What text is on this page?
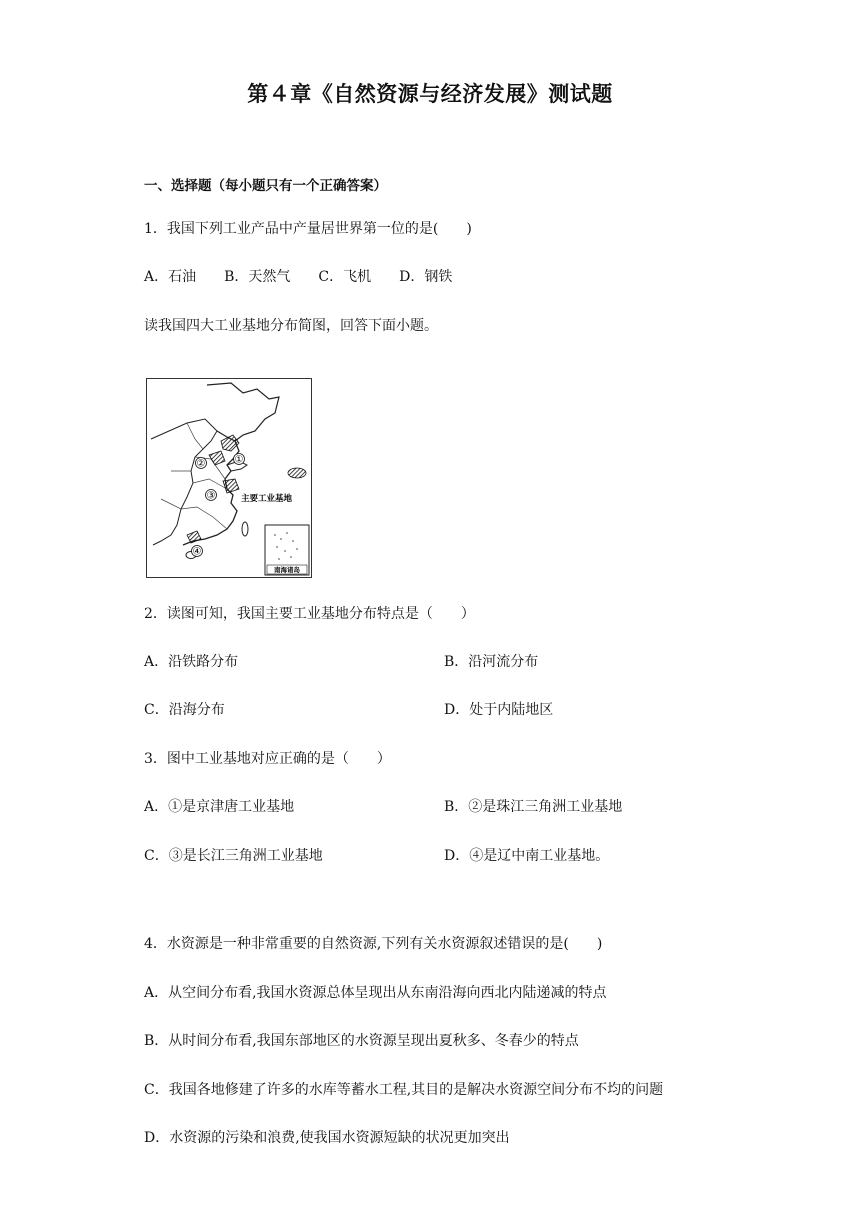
第４章《自然资源与经济发展》测试题
一、选择题（每小题只有一个正确答案）
1．我国下列工业产品中产量居世界第一位的是(　　)
A．石油 B．天然气 C．飞机 D．钢铁
读我国四大工业基地分布简图，回答下面小题。
①
②
③
④
主要工业基地
南海诸岛
2．读图可知，我国主要工业基地分布特点是（　　）
A．沿铁路分布	B．沿河流分布
C．沿海分布	D．处于内陆地区
3．图中工业基地对应正确的是（　　）
A．①是京津唐工业基地	B．②是珠江三角洲工业基地
C．③是长江三角洲工业基地	D．④是辽中南工业基地。
4．水资源是一种非常重要的自然资源,下列有关水资源叙述错误的是(　　)
A．从空间分布看,我国水资源总体呈现出从东南沿海向西北内陆递减的特点
B．从时间分布看,我国东部地区的水资源呈现出夏秋多、冬春少的特点
C．我国各地修建了许多的水库等蓄水工程,其目的是解决水资源空间分布不均的问题
D．水资源的污染和浪费,使我国水资源短缺的状况更加突出
